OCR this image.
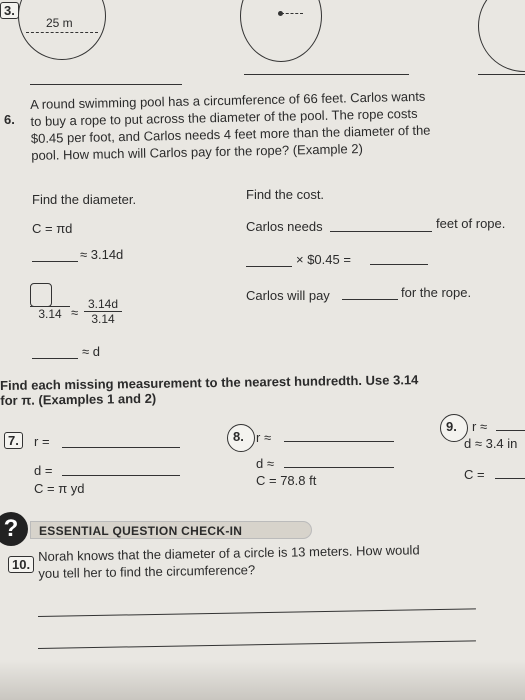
3.
25 m
6.
A round swimming pool has a circumference of 66 feet. Carlos wants
to buy a rope to put across the diameter of the pool. The rope costs
$0.45 per foot, and Carlos needs 4 feet more than the diameter of the
pool. How much will Carlos pay for the rope? (Example 2)
Find the diameter.
C = πd
≈ 3.14d
3.14 ≈
3.14d
3.14
≈ d
Find the cost.
Carlos needs	feet of rope.
× $0.45 =
Carlos will pay	for the rope.
Find each missing measurement to the nearest hundredth. Use 3.14
for π. (Examples 1 and 2)
7.	r =
d =
C = π yd
8. r ≈
d ≈
C = 78.8 ft
9. r ≈
d ≈ 3.4 in
C =
?	ESSENTIAL QUESTION CHECK-IN
10.
Norah knows that the diameter of a circle is 13 meters. How would
you tell her to find the circumference?
